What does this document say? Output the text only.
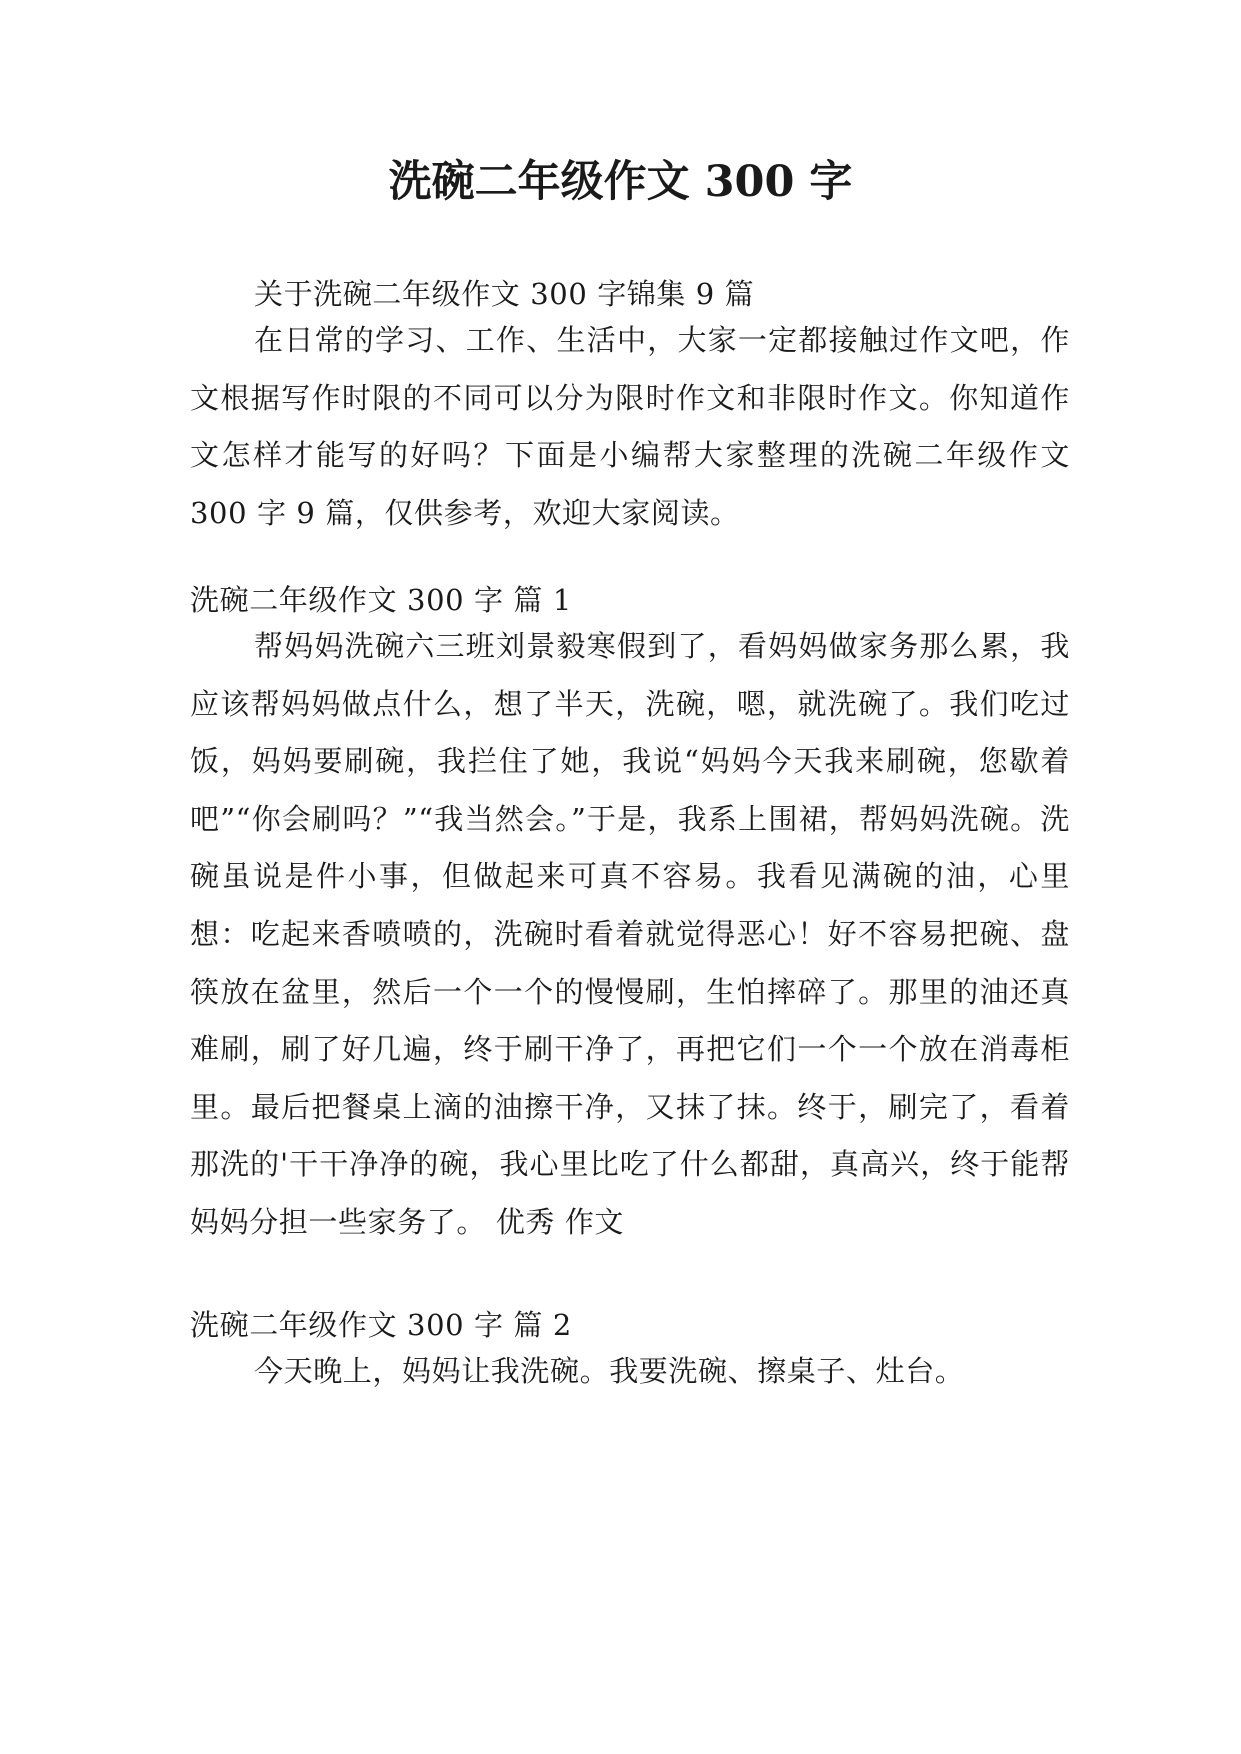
洗碗二年级作文 300 字

关于洗碗二年级作文 300 字锦集 9 篇

在日常的学习、工作、生活中，大家一定都接触过作文吧，作文根据写作时限的不同可以分为限时作文和非限时作文。你知道作文怎样才能写的好吗？下面是小编帮大家整理的洗碗二年级作文 300 字 9 篇，仅供参考，欢迎大家阅读。

洗碗二年级作文 300 字 篇 1

帮妈妈洗碗六三班刘景毅寒假到了，看妈妈做家务那么累，我应该帮妈妈做点什么，想了半天，洗碗，嗯，就洗碗了。我们吃过饭，妈妈要刷碗，我拦住了她，我说“妈妈今天我来刷碗，您歇着吧”“你会刷吗？”“我当然会。”于是，我系上围裙，帮妈妈洗碗。洗碗虽说是件小事，但做起来可真不容易。我看见满碗的油，心里想：吃起来香喷喷的，洗碗时看着就觉得恶心！好不容易把碗、盘筷放在盆里，然后一个一个的慢慢刷，生怕摔碎了。那里的油还真难刷，刷了好几遍，终于刷干净了，再把它们一个一个放在消毒柜里。最后把餐桌上滴的油擦干净，又抹了抹。终于，刷完了，看着那洗的'干干净净的碗，我心里比吃了什么都甜，真高兴，终于能帮妈妈分担一些家务了。 优秀 作文

洗碗二年级作文 300 字 篇 2

今天晚上，妈妈让我洗碗。我要洗碗、擦桌子、灶台。
